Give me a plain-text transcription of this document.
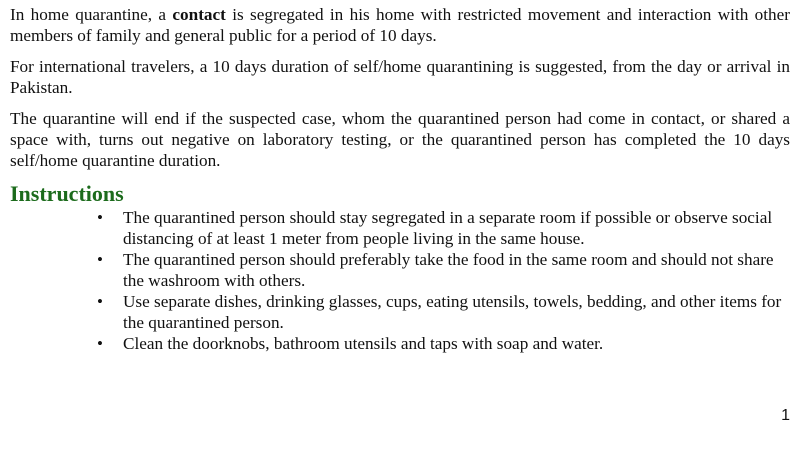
In home quarantine, a contact is segregated in his home with restricted movement and interaction with other members of family and general public for a period of 10 days.

For international travelers, a 10 days duration of self/home quarantining is suggested, from the day or arrival in Pakistan.

The quarantine will end if the suspected case, whom the quarantined person had come in contact, or shared a space with, turns out negative on laboratory testing, or the quarantined person has completed the 10 days self/home quarantine duration.

Instructions
• The quarantined person should stay segregated in a separate room if possible or observe social distancing of at least 1 meter from people living in the same house.
• The quarantined person should preferably take the food in the same room and should not share the washroom with others.
• Use separate dishes, drinking glasses, cups, eating utensils, towels, bedding, and other items for the quarantined person.
• Clean the doorknobs, bathroom utensils and taps with soap and water.
1
